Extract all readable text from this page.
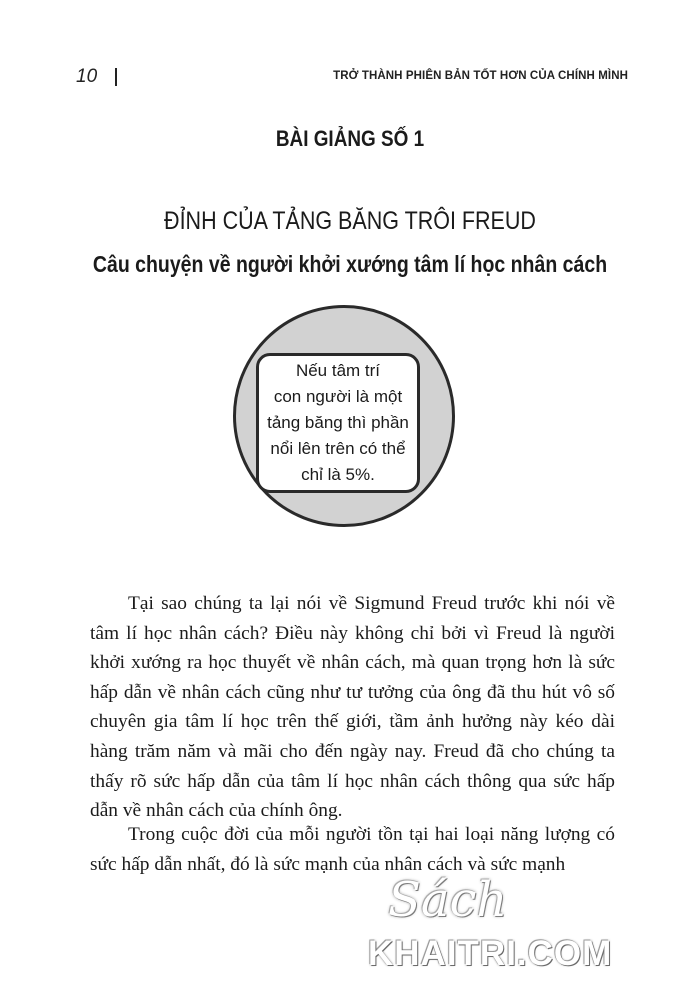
10	TRỞ THÀNH PHIÊN BẢN TỐT HƠN CỦA CHÍNH MÌNH
BÀI GIẢNG SỐ 1
ĐỈNH CỦA TẢNG BĂNG TRÔI FREUD
Câu chuyện về người khởi xướng tâm lí học nhân cách
Nếu tâm trí
con người là một
tảng băng thì phần
nổi lên trên có thể
chỉ là 5%.

Tại sao chúng ta lại nói về Sigmund Freud trước khi nói về tâm lí học nhân cách? Điều này không chỉ bởi vì Freud là người khởi xướng ra học thuyết về nhân cách, mà quan trọng hơn là sức hấp dẫn về nhân cách cũng như tư tưởng của ông đã thu hút vô số chuyên gia tâm lí học trên thế giới, tầm ảnh hưởng này kéo dài hàng trăm năm và mãi cho đến ngày nay. Freud đã cho chúng ta thấy rõ sức hấp dẫn của tâm lí học nhân cách thông qua sức hấp dẫn về nhân cách của chính ông.

Trong cuộc đời của mỗi người tồn tại hai loại năng lượng có sức hấp dẫn nhất, đó là sức mạnh của nhân cách và sức mạnh

Sách
KHAITRI.COM
